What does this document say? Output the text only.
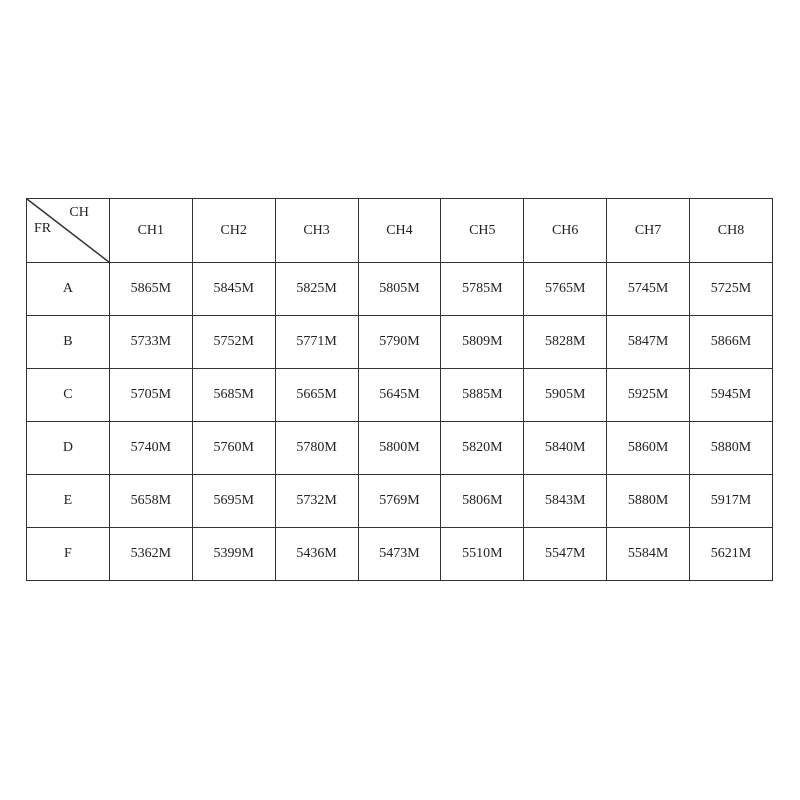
CH
FR	CH1	CH2	CH3	CH4	CH5	CH6	CH7	CH8
A	5865M	5845M	5825M	5805M	5785M	5765M	5745M	5725M
B	5733M	5752M	5771M	5790M	5809M	5828M	5847M	5866M
C	5705M	5685M	5665M	5645M	5885M	5905M	5925M	5945M
D	5740M	5760M	5780M	5800M	5820M	5840M	5860M	5880M
E	5658M	5695M	5732M	5769M	5806M	5843M	5880M	5917M
F	5362M	5399M	5436M	5473M	5510M	5547M	5584M	5621M
